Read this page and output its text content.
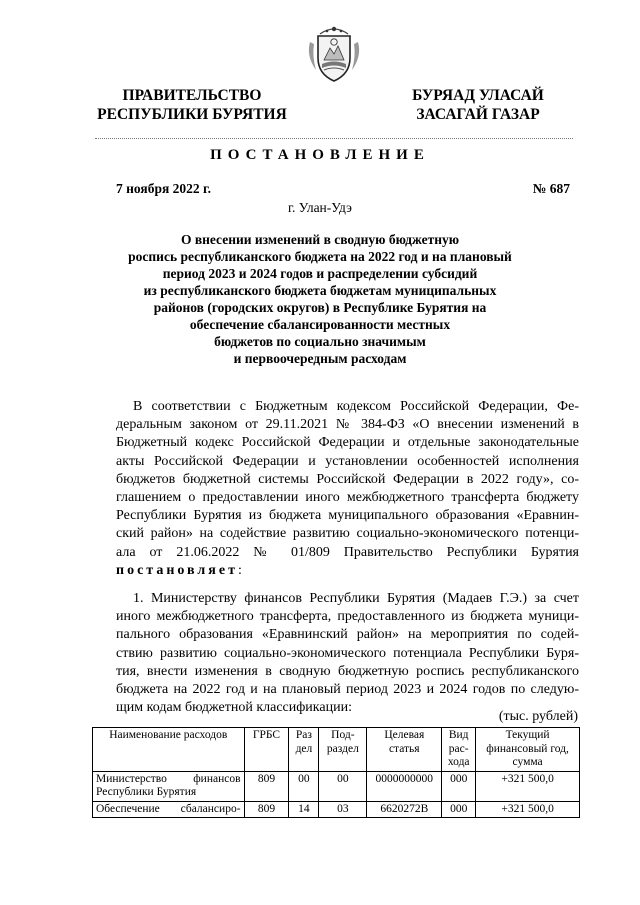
ПРАВИТЕЛЬСТВО
РЕСПУБЛИКИ БУРЯТИЯ
БУРЯАД УЛАСАЙ
ЗАСАГАЙ ГАЗАР
ПОСТАНОВЛЕНИЕ
7 ноября 2022 г.	№ 687
г. Улан-Удэ
О внесении изменений в сводную бюджетную
роспись республиканского бюджета на 2022 год и на плановый
период 2023 и 2024 годов и распределении субсидий
из республиканского бюджета бюджетам муниципальных
районов (городских округов) в Республике Бурятия на
обеспечение сбалансированности местных
бюджетов по социально значимым
и первоочередным расходам
В соответствии с Бюджетным кодексом Российской Федерации, Фе-
деральным законом от 29.11.2021 № 384-ФЗ «О внесении изменений в
Бюджетный кодекс Российской Федерации и отдельные законодательные
акты Российской Федерации и установлении особенностей исполнения
бюджетов бюджетной системы Российской Федерации в 2022 году», со-
глашением о предоставлении иного межбюджетного трансферта бюджету
Республики Бурятия из бюджета муниципального образования «Еравнин-
ский район» на содействие развитию социально-экономического потенци-
ала от 21.06.2022 № 01/809 Правительство Республики Бурятия
постановляет:
1. Министерству финансов Республики Бурятия (Мадаев Г.Э.) за счет
иного межбюджетного трансферта, предоставленного из бюджета муници-
пального образования «Еравнинский район» на мероприятия по содей-
ствию развитию социально-экономического потенциала Республики Буря-
тия, внести изменения в сводную бюджетную роспись республиканского
бюджета на 2022 год и на плановый период 2023 и 2024 годов по следую-
щим кодам бюджетной классификации:
(тыс. рублей)
Наименование расходов	ГРБС	Раз дел	Под- раздел	Целевая статья	Вид рас- хода	Текущий финансовый год, сумма
Министерство финансов Республики Бурятия	809	00	00	0000000000	000	+321 500,0
Обеспечение сбалансиро-	809	14	03	6620272В	000	+321 500,0
